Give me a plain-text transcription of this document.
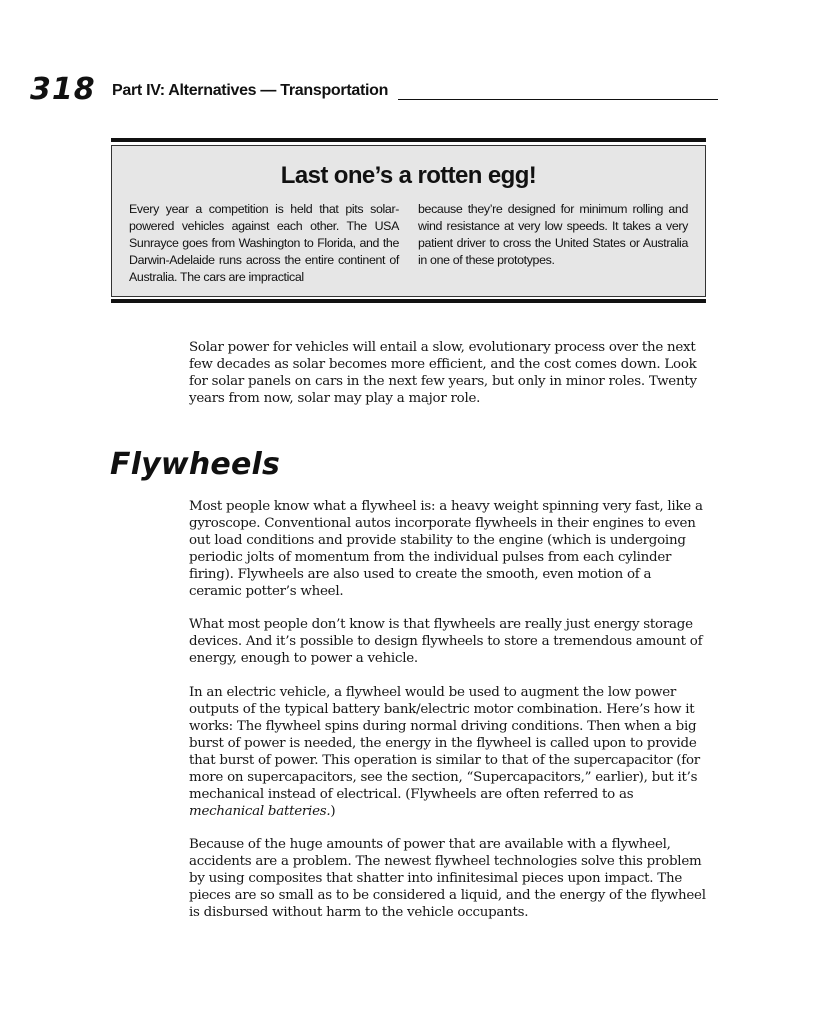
318 Part IV: Alternatives — Transportation
Last one’s a rotten egg!

Every year a competition is held that pits solar-powered vehicles against each other. The USA Sunrayce goes from Washington to Florida, and the Darwin-Adelaide runs across the entire continent of Australia. The cars are impractical

because they’re designed for minimum rolling and wind resistance at very low speeds. It takes a very patient driver to cross the United States or Australia in one of these prototypes.

Solar power for vehicles will entail a slow, evolutionary process over the next few decades as solar becomes more efficient, and the cost comes down. Look for solar panels on cars in the next few years, but only in minor roles. Twenty years from now, solar may play a major role.

Flywheels

Most people know what a flywheel is: a heavy weight spinning very fast, like a gyroscope. Conventional autos incorporate flywheels in their engines to even out load conditions and provide stability to the engine (which is undergoing periodic jolts of momentum from the individual pulses from each cylinder firing). Flywheels are also used to create the smooth, even motion of a ceramic potter’s wheel.

What most people don’t know is that flywheels are really just energy storage devices. And it’s possible to design flywheels to store a tremendous amount of energy, enough to power a vehicle.

In an electric vehicle, a flywheel would be used to augment the low power outputs of the typical battery bank/electric motor combination. Here’s how it works: The flywheel spins during normal driving conditions. Then when a big burst of power is needed, the energy in the flywheel is called upon to provide that burst of power. This operation is similar to that of the supercapacitor (for more on supercapacitors, see the section, “Supercapacitors,” earlier), but it’s mechanical instead of electrical. (Flywheels are often referred to as mechanical batteries.)

Because of the huge amounts of power that are available with a flywheel, accidents are a problem. The newest flywheel technologies solve this problem by using composites that shatter into infinitesimal pieces upon impact. The pieces are so small as to be considered a liquid, and the energy of the flywheel is disbursed without harm to the vehicle occupants.
